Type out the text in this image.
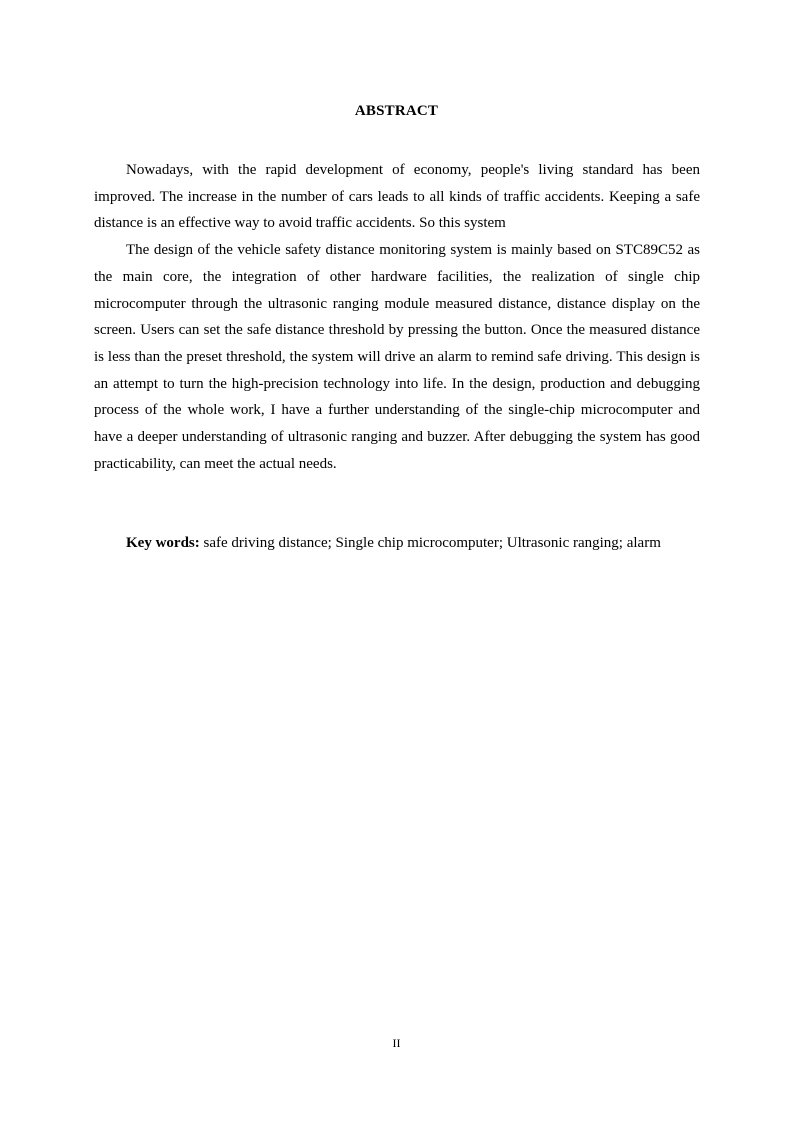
ABSTRACT

Nowadays, with the rapid development of economy, people's living standard has been improved. The increase in the number of cars leads to all kinds of traffic accidents. Keeping a safe distance is an effective way to avoid traffic accidents. So this system

The design of the vehicle safety distance monitoring system is mainly based on STC89C52 as the main core, the integration of other hardware facilities, the realization of single chip microcomputer through the ultrasonic ranging module measured distance, distance display on the screen. Users can set the safe distance threshold by pressing the button. Once the measured distance is less than the preset threshold, the system will drive an alarm to remind safe driving. This design is an attempt to turn the high-precision technology into life. In the design, production and debugging process of the whole work, I have a further understanding of the single-chip microcomputer and have a deeper understanding of ultrasonic ranging and buzzer. After debugging the system has good practicability, can meet the actual needs.

Key words: safe driving distance; Single chip microcomputer; Ultrasonic ranging; alarm
II
